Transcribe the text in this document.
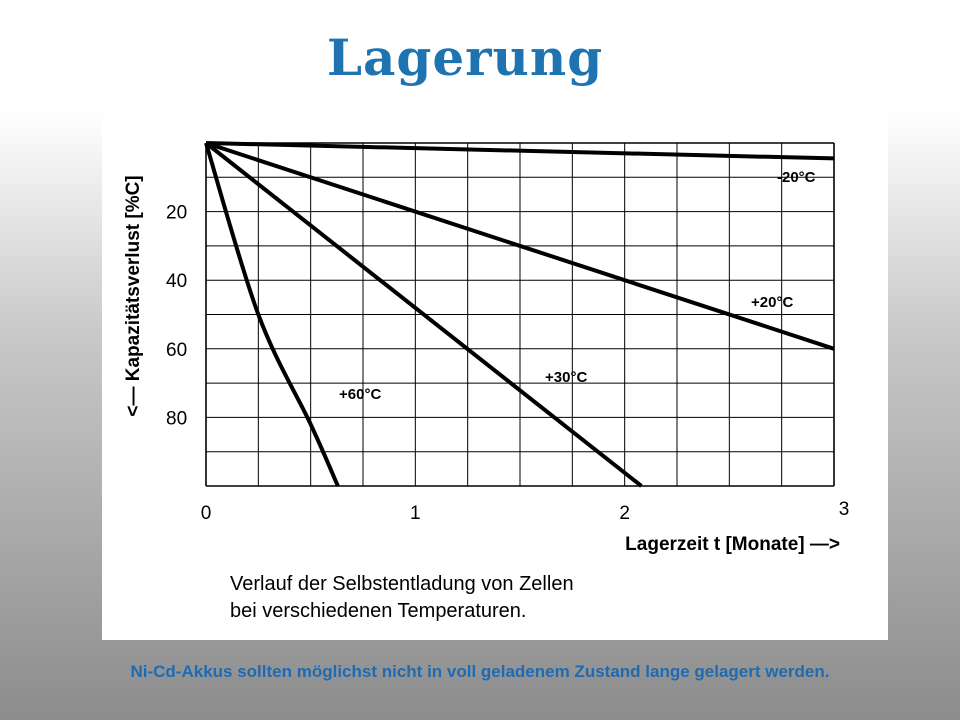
Lagerung
-20°C
+20°C
+30°C
+60°C
20
40
60
80
0	1	2	3
<— Kapazitätsverlust [%C]
Lagerzeit t [Monate] —>
Verlauf der Selbstentladung von Zellen
bei verschiedenen Temperaturen.
Ni-Cd-Akkus sollten möglichst nicht in voll geladenem Zustand lange gelagert werden.
